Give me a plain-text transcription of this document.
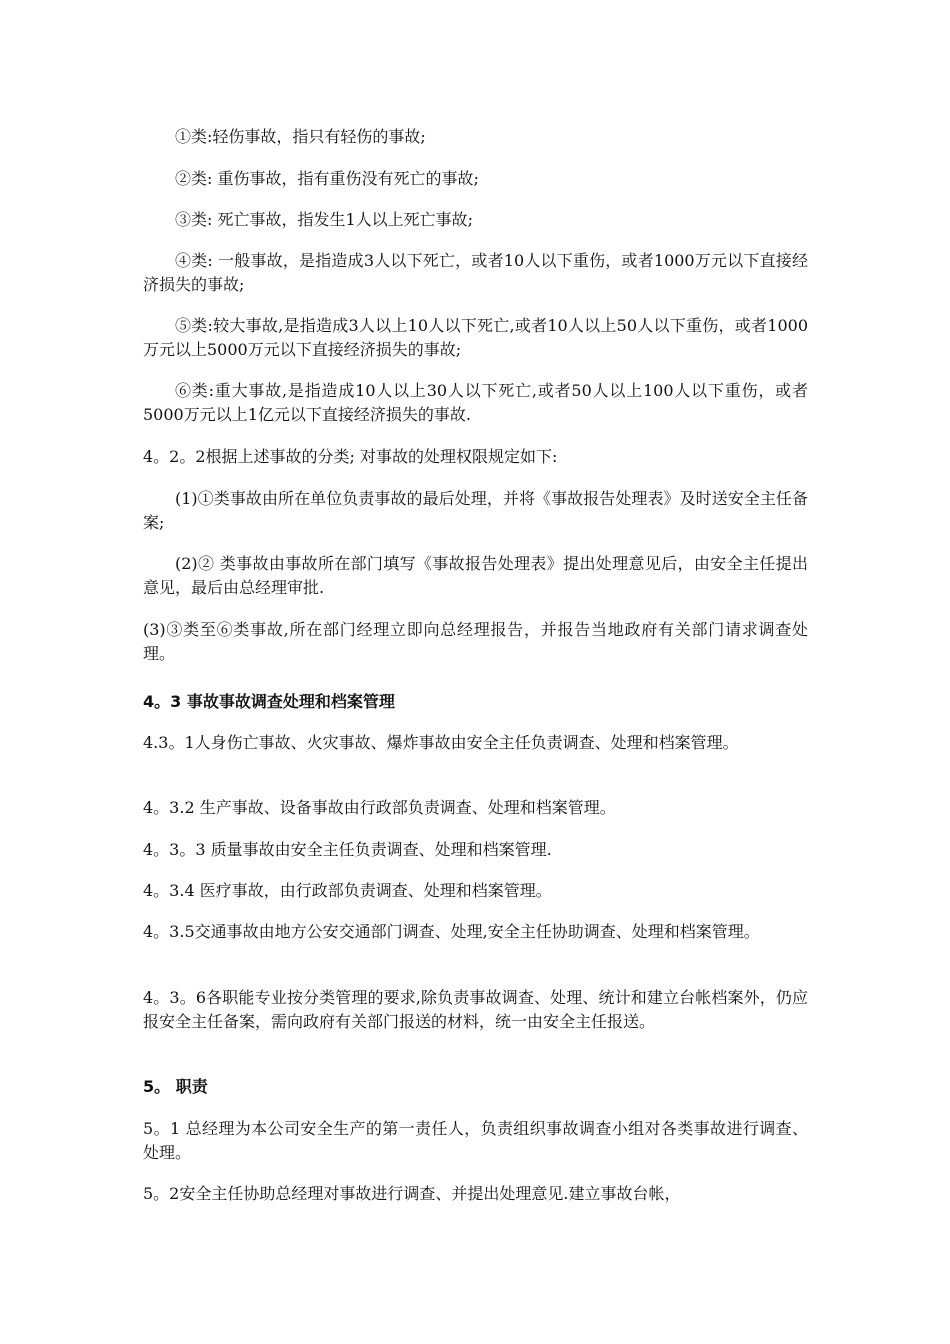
①类:轻伤事故，指只有轻伤的事故;

②类: 重伤事故，指有重伤没有死亡的事故;

③类: 死亡事故，指发生1人以上死亡事故;

④类: 一般事故，是指造成3人以下死亡，或者10人以下重伤，或者1000万元以下直接经济损失的事故;

⑤类:较大事故,是指造成3人以上10人以下死亡,或者10人以上50人以下重伤，或者1000万元以上5000万元以下直接经济损失的事故;

⑥类:重大事故,是指造成10人以上30人以下死亡,或者50人以上100人以下重伤，或者5000万元以上1亿元以下直接经济损失的事故.

4。2。2根据上述事故的分类; 对事故的处理权限规定如下:

(1)①类事故由所在单位负责事故的最后处理，并将《事故报告处理表》及时送安全主任备案;

(2)② 类事故由事故所在部门填写《事故报告处理表》提出处理意见后，由安全主任提出意见，最后由总经理审批.

(3)③类至⑥类事故,所在部门经理立即向总经理报告，并报告当地政府有关部门请求调查处理。

4。3 事故事故调查处理和档案管理

4.3。1人身伤亡事故、火灾事故、爆炸事故由安全主任负责调查、处理和档案管理。

4。3.2 生产事故、设备事故由行政部负责调查、处理和档案管理。

4。3。3 质量事故由安全主任负责调查、处理和档案管理.

4。3.4 医疗事故，由行政部负责调查、处理和档案管理。

4。3.5交通事故由地方公安交通部门调查、处理,安全主任协助调查、处理和档案管理。

4。3。6各职能专业按分类管理的要求,除负责事故调查、处理、统计和建立台帐档案外，仍应报安全主任备案，需向政府有关部门报送的材料，统一由安全主任报送。

5。 职责

5。1 总经理为本公司安全生产的第一责任人，负责组织事故调查小组对各类事故进行调查、处理。

5。2安全主任协助总经理对事故进行调查、并提出处理意见.建立事故台帐，
